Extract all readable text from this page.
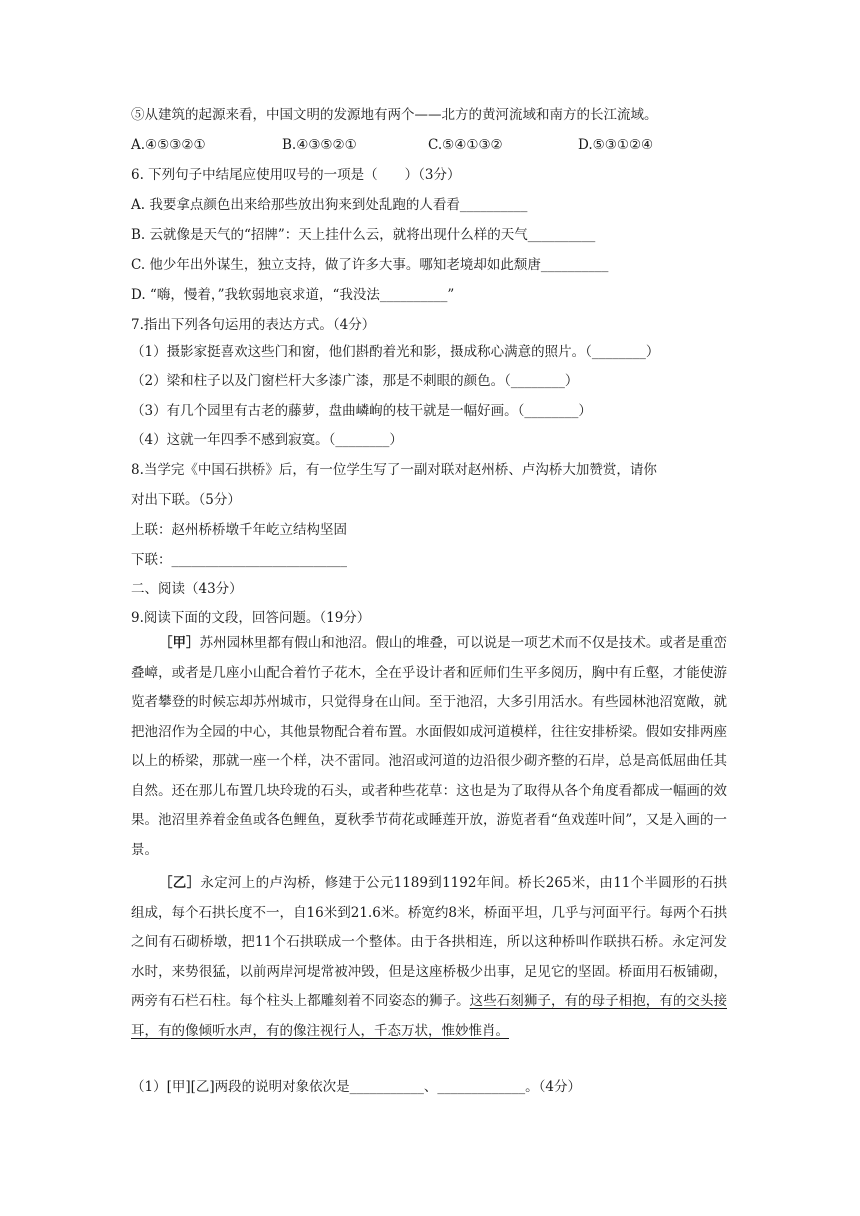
⑤从建筑的起源来看，中国文明的发源地有两个——北方的黄河流域和南方的长江流域。
A.④⑤③②①	B.④③⑤②①	C.⑤④①③②	D.⑤③①②④
6. 下列句子中结尾应使用叹号的一项是（　　）（3分）
A. 我要拿点颜色出来给那些放出狗来到处乱跑的人看看__________
B. 云就像是天气的“招牌”：天上挂什么云，就将出现什么样的天气__________
C. 他少年出外谋生，独立支持，做了许多大事。哪知老境却如此颓唐__________
D. “嗨，慢着，”我软弱地哀求道，“我没法__________”
7.指出下列各句运用的表达方式。（4分）
（1）摄影家挺喜欢这些门和窗，他们斟酌着光和影，摄成称心满意的照片。（________）
（2）梁和柱子以及门窗栏杆大多漆广漆，那是不刺眼的颜色。（________）
（3）有几个园里有古老的藤萝，盘曲嶙峋的枝干就是一幅好画。（________）
（4）这就一年四季不感到寂寞。（________）
8.当学完《中国石拱桥》后，有一位学生写了一副对联对赵州桥、卢沟桥大加赞赏，请你
对出下联。（5分）
上联：赵州桥桥墩千年屹立结构坚固
下联：__________________________
二、阅读（43分）
9.阅读下面的文段，回答问题。（19分）

［甲］苏州园林里都有假山和池沼。假山的堆叠，可以说是一项艺术而不仅是技术。或者是重峦叠嶂，或者是几座小山配合着竹子花木，全在乎设计者和匠师们生平多阅历，胸中有丘壑，才能使游览者攀登的时候忘却苏州城市，只觉得身在山间。至于池沼，大多引用活水。有些园林池沼宽敞，就把池沼作为全园的中心，其他景物配合着布置。水面假如成河道模样，往往安排桥梁。假如安排两座以上的桥梁，那就一座一个样，决不雷同。池沼或河道的边沿很少砌齐整的石岸，总是高低屈曲任其自然。还在那儿布置几块玲珑的石头，或者种些花草：这也是为了取得从各个角度看都成一幅画的效果。池沼里养着金鱼或各色鲤鱼，夏秋季节荷花或睡莲开放，游览者看“鱼戏莲叶间”，又是入画的一景。

［乙］永定河上的卢沟桥，修建于公元1189到1192年间。桥长265米，由11个半圆形的石拱组成，每个石拱长度不一，自16米到21.6米。桥宽约8米，桥面平坦，几乎与河面平行。每两个石拱之间有石砌桥墩，把11个石拱联成一个整体。由于各拱相连，所以这种桥叫作联拱石桥。永定河发水时，来势很猛，以前两岸河堤常被冲毁，但是这座桥极少出事，足见它的坚固。桥面用石板铺砌，两旁有石栏石柱。每个柱头上都雕刻着不同姿态的狮子。这些石刻狮子，有的母子相抱，有的交头接耳，有的像倾听水声，有的像注视行人，千态万状，惟妙惟肖。

（1）[甲][乙]两段的说明对象依次是___________、_____________。（4分）
